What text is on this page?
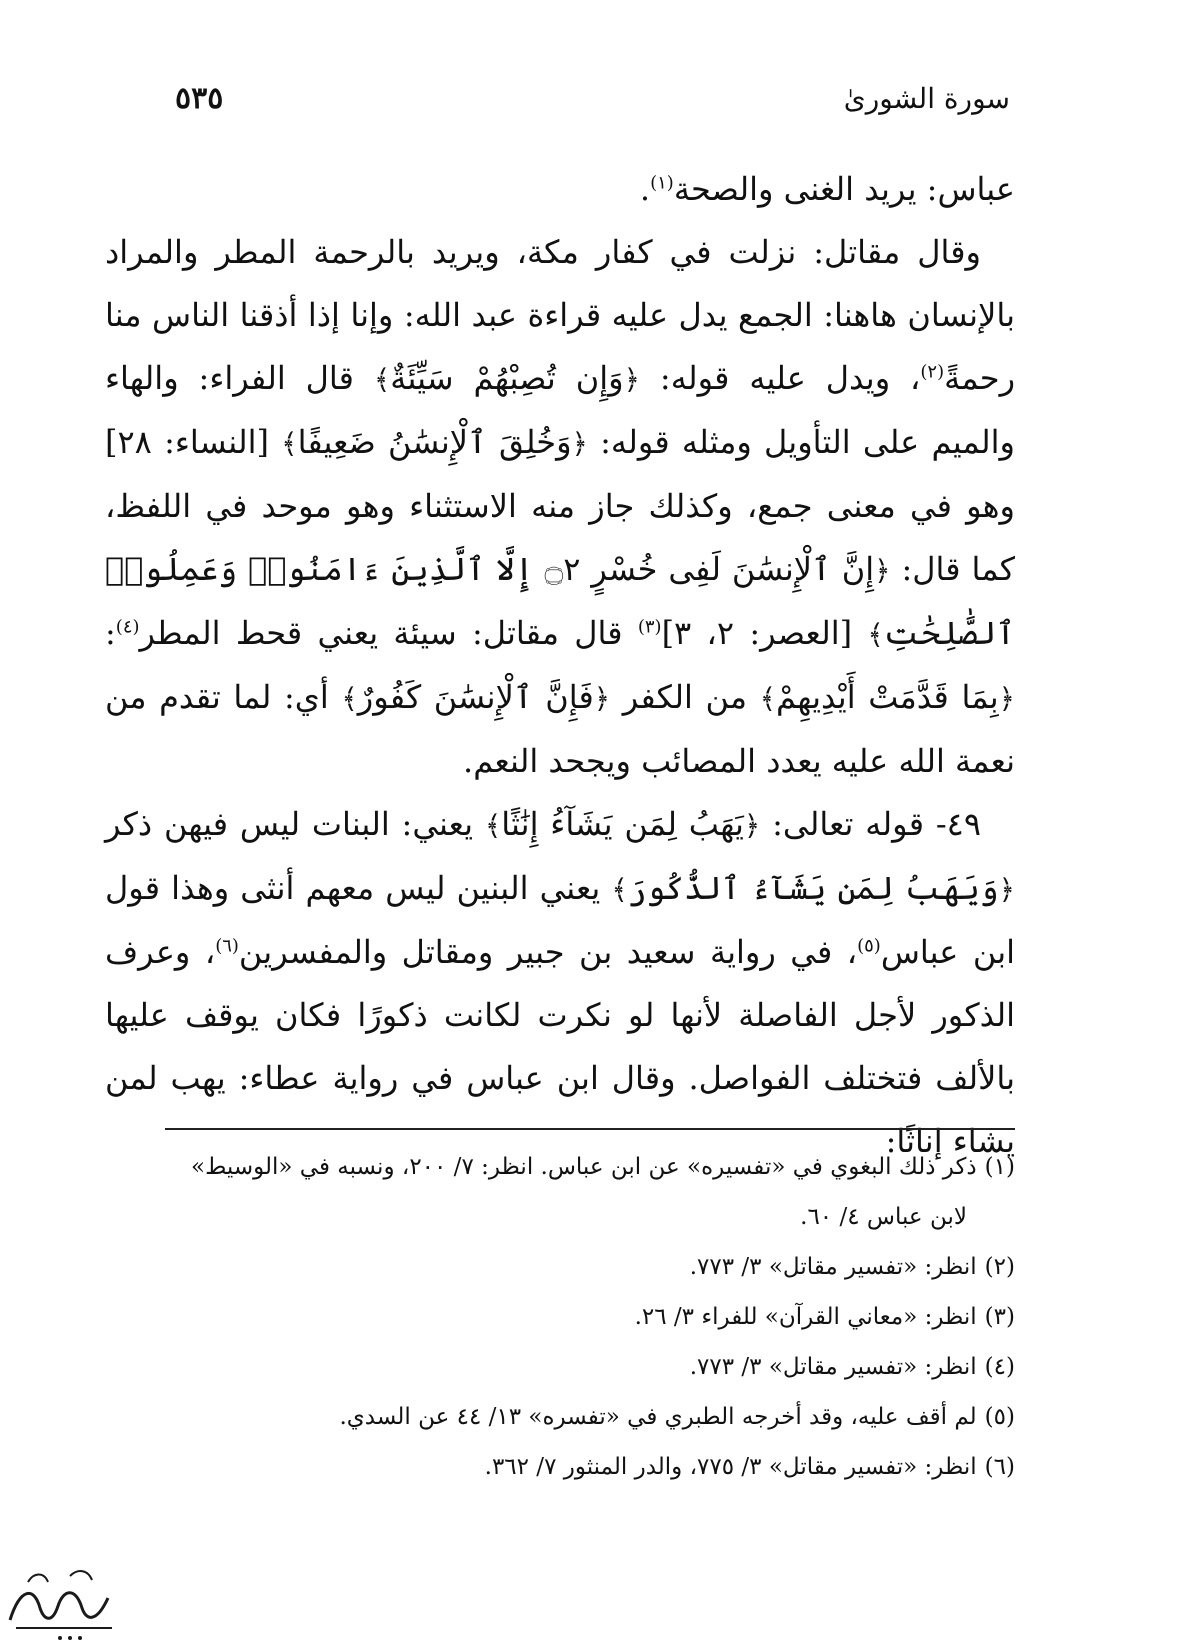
سورة الشورىٰ
٥٣٥

عباس: يريد الغنى والصحة$^{(١)}$.

وقال مقاتل: نزلت في كفار مكة، ويريد بالرحمة المطر والمراد بالإنسان هاهنا: الجمع يدل عليه قراءة عبد الله: وإنا إذا أذقنا الناس منا رحمةً$^{(٢)}$، ويدل عليه قوله: ﴿وَإِن تُصِبْهُمْ سَيِّئَةٌ﴾ قال الفراء: والهاء والميم على التأويل ومثله قوله: ﴿وَخُلِقَ ٱلْإِنسَٰنُ ضَعِيفًا﴾ [النساء: ٢٨] وهو في معنى جمع، وكذلك جاز منه الاستثناء وهو موحد في اللفظ، كما قال: ﴿إِنَّ ٱلْإِنسَٰنَ لَفِى خُسْرٍ ۝٢ إِلَّا ٱلَّذِينَ ءَامَنُوا۟ وَعَمِلُوا۟ ٱلصَّٰلِحَٰتِ﴾ [العصر: ٢، ٣]$^{(٣)}$ قال مقاتل: سيئة يعني قحط المطر$^{(٤)}$: ﴿بِمَا قَدَّمَتْ أَيْدِيهِمْ﴾ من الكفر ﴿فَإِنَّ ٱلْإِنسَٰنَ كَفُورٌ﴾ أي: لما تقدم من نعمة الله عليه يعدد المصائب ويجحد النعم.

٤٩- قوله تعالى: ﴿يَهَبُ لِمَن يَشَآءُ إِنَٰثًا﴾ يعني: البنات ليس فيهن ذكر ﴿وَيَهَبُ لِمَن يَشَآءُ ٱلذُّكُورَ﴾ يعني البنين ليس معهم أنثى وهذا قول ابن عباس$^{(٥)}$، في رواية سعيد بن جبير ومقاتل والمفسرين$^{(٦)}$، وعرف الذكور لأجل الفاصلة لأنها لو نكرت لكانت ذكورًا فكان يوقف عليها بالألف فتختلف الفواصل. وقال ابن عباس في رواية عطاء: يهب لمن يشاء إناثًا:

(١)ذكر ذلك البغوي في «تفسيره» عن ابن عباس. انظر: ٧/ ٢٠٠، ونسبه في «الوسيط»

لابن عباس ٤/ ٦٠.

(٢)انظر: «تفسير مقاتل» ٣/ ٧٧٣.

(٣)انظر: «معاني القرآن» للفراء ٣/ ٢٦.

(٤)انظر: «تفسير مقاتل» ٣/ ٧٧٣.

(٥)لم أقف عليه، وقد أخرجه الطبري في «تفسره» ١٣/ ٤٤ عن السدي.

(٦)انظر: «تفسير مقاتل» ٣/ ٧٧٥، والدر المنثور ٧/ ٣٦٢.
